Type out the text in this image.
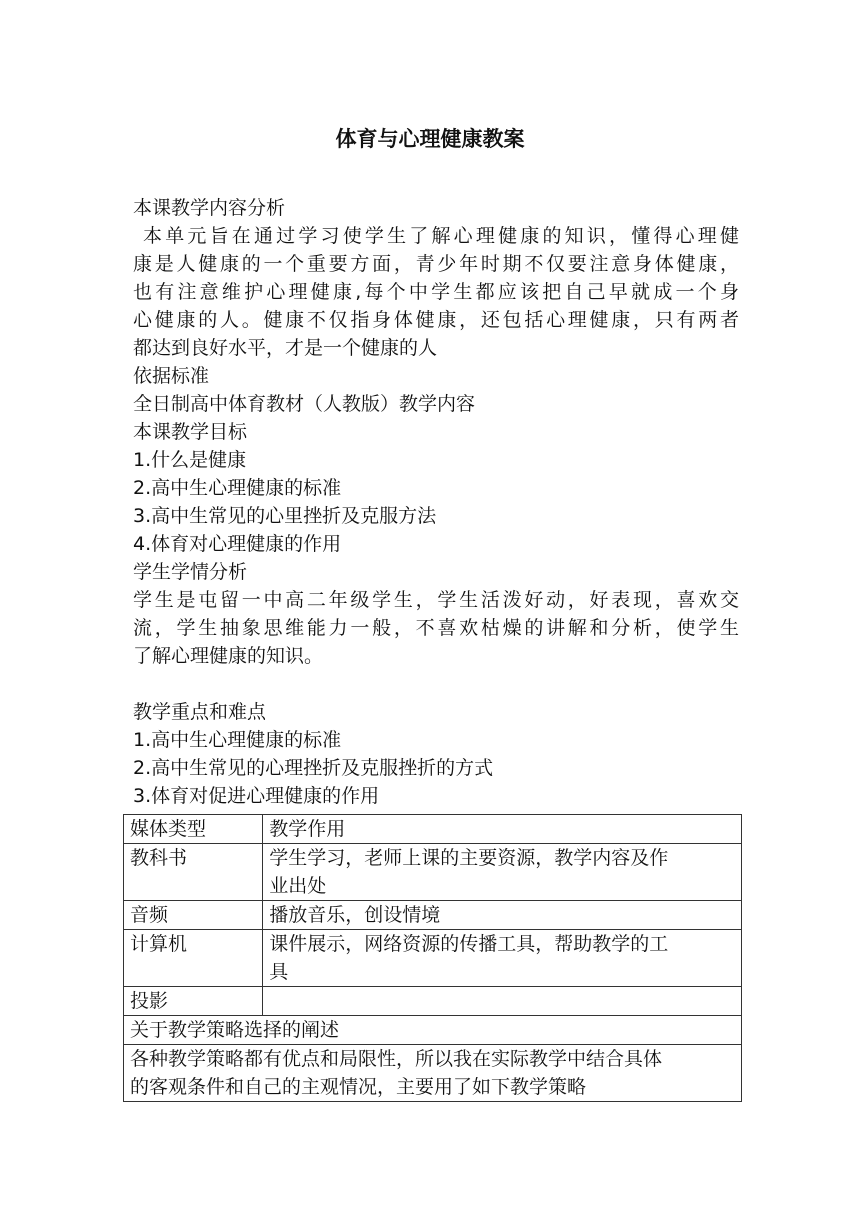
体育与心理健康教案
本课教学内容分析
本单元旨在通过学习使学生了解心理健康的知识，懂得心理健
康是人健康的一个重要方面，青少年时期不仅要注意身体健康，
也有注意维护心理健康,每个中学生都应该把自己早就成一个身
心健康的人。健康不仅指身体健康，还包括心理健康，只有两者
都达到良好水平，才是一个健康的人
依据标准
全日制高中体育教材（人教版）教学内容
本课教学目标
1.什么是健康
2.高中生心理健康的标准
3.高中生常见的心里挫折及克服方法
4.体育对心理健康的作用
学生学情分析
学生是屯留一中高二年级学生，学生活泼好动，好表现，喜欢交
流，学生抽象思维能力一般，不喜欢枯燥的讲解和分析，使学生
了解心理健康的知识。
教学重点和难点
1.高中生心理健康的标准
2.高中生常见的心理挫折及克服挫折的方式
3.体育对促进心理健康的作用
媒体类型	教学作用
教科书	学生学习，老师上课的主要资源，教学内容及作
业出处

音频	播放音乐，创设情境

计算机	课件展示，网络资源的传播工具，帮助教学的工
具

投影	

关于教学策略选择的阐述	

各种教学策略都有优点和局限性，所以我在实际教学中结合具体
的客观条件和自己的主观情况，主要用了如下教学策略	
